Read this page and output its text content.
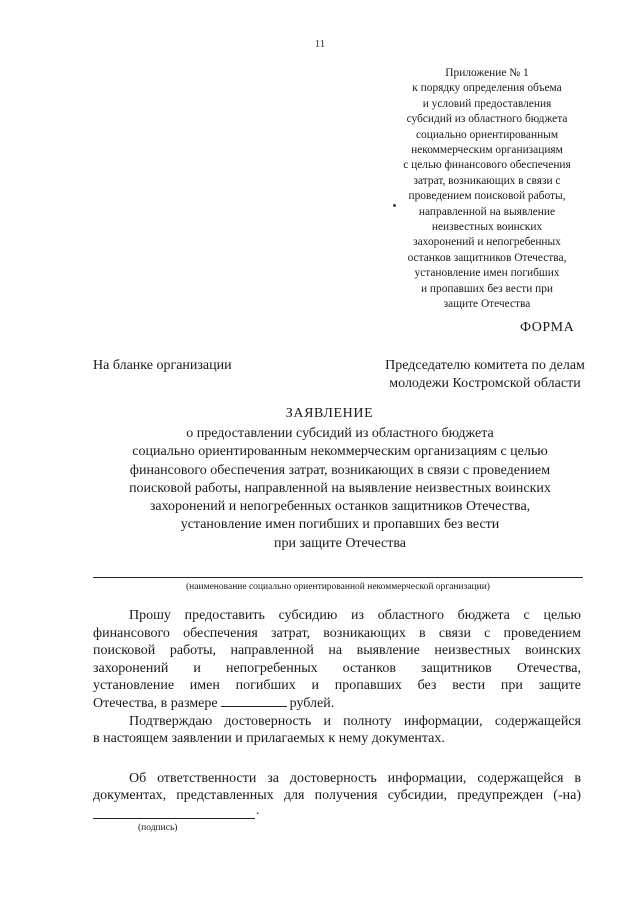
11
Приложение № 1
к порядку определения объема
и условий предоставления
субсидий из областного бюджета
социально ориентированным
некоммерческим организациям
с целью финансового обеспечения
затрат, возникающих в связи с
проведением поисковой работы,
направленной на выявление
неизвестных воинских
захоронений и непогребенных
останков защитников Отечества,
установление имен погибших
и пропавших без вести при
защите Отечества
ФОРМА
На бланке организации	Председателю комитета по делам
молодежи Костромской области
ЗАЯВЛЕНИЕ
о предоставлении субсидий из областного бюджета
социально ориентированным некоммерческим организациям с целью
финансового обеспечения затрат, возникающих в связи с проведением
поисковой работы, направленной на выявление неизвестных воинских
захоронений и непогребенных останков защитников Отечества,
установление имен погибших и пропавших без вести
при защите Отечества
(наименование социально ориентированной некоммерческой организации)
Прошу предоставить субсидию из областного бюджета с целью
финансового обеспечения затрат, возникающих в связи с проведением
поисковой работы, направленной на выявление неизвестных воинских
захоронений и непогребенных останков защитников Отечества,
установление имен погибших и пропавших без вести при защите
Отечества, в размере	рублей.
Подтверждаю достоверность и полноту информации, содержащейся
в настоящем заявлении и прилагаемых к нему документах.
Об ответственности за достоверность информации, содержащейся в
документах, представленных для получения субсидии, предупрежден (-на)
.
(подпись)
